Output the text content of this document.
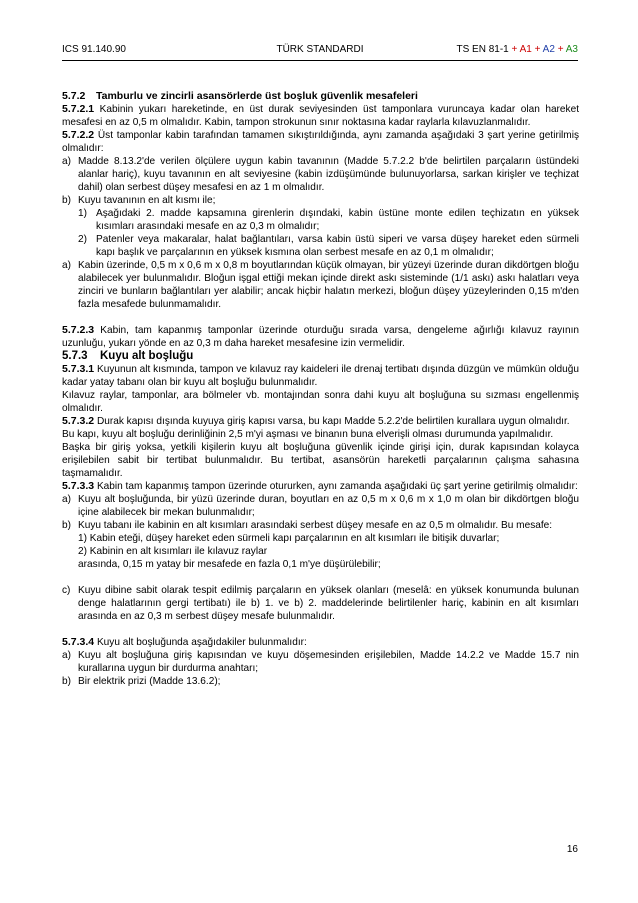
ICS 91.140.90	TÜRK STANDARDI	TS EN 81-1 + A1 + A2 + A3

5.7.2 Tamburlu ve zincirli asansörlerde üst boşluk güvenlik mesafeleri

5.7.2.1 Kabinin yukarı hareketinde, en üst durak seviyesinden üst tamponlara vuruncaya kadar olan hareket mesafesi en az 0,5 m olmalıdır. Kabin, tampon strokunun sınır noktasına kadar raylarla kılavuzlanmalıdır.

5.7.2.2 Üst tamponlar kabin tarafından tamamen sıkıştırıldığında, aynı zamanda aşağıdaki 3 şart yerine getirilmiş olmalıdır:

a) Madde 8.13.2'de verilen ölçülere uygun kabin tavanının (Madde 5.7.2.2 b'de belirtilen parçaların üstündeki alanlar hariç), kuyu tavanının en alt seviyesine (kabin izdüşümünde bulunuyorlarsa, sarkan kirişler ve teçhizat dahil) olan serbest düşey mesafesi en az 1 m olmalıdır.
b) Kuyu tavanının en alt kısmı ile;
1) Aşağıdaki 2. madde kapsamına girenlerin dışındaki, kabin üstüne monte edilen teçhizatın en yüksek kısımları arasındaki mesafe en az 0,3 m olmalıdır;
2) Patenler veya makaralar, halat bağlantıları, varsa kabin üstü siperi ve varsa düşey hareket eden sürmeli kapı başlık ve parçalarının en yüksek kısmına olan serbest mesafe en az 0,1 m olmalıdır;
a) Kabin üzerinde, 0,5 m x 0,6 m x 0,8 m boyutlarından küçük olmayan, bir yüzeyi üzerinde duran dikdörtgen bloğu alabilecek yer bulunmalıdır. Bloğun işgal ettiği mekan içinde direkt askı sisteminde (1/1 askı) askı halatları veya zinciri ve bunların bağlantıları yer alabilir; ancak hiçbir halatın merkezi, bloğun düşey yüzeylerinden 0,15 m'den fazla mesafede bulunmamalıdır.

5.7.2.3 Kabin, tam kapanmış tamponlar üzerinde oturduğu sırada varsa, dengeleme ağırlığı kılavuz rayının uzunluğu, yukarı yönde en az 0,3 m daha hareket mesafesine izin vermelidir.

5.7.3 Kuyu alt boşluğu

5.7.3.1 Kuyunun alt kısmında, tampon ve kılavuz ray kaideleri ile drenaj tertibatı dışında düzgün ve mümkün olduğu kadar yatay tabanı olan bir kuyu alt boşluğu bulunmalıdır.

Kılavuz raylar, tamponlar, ara bölmeler vb. montajından sonra dahi kuyu alt boşluğuna su sızması engellenmiş olmalıdır.

5.7.3.2 Durak kapısı dışında kuyuya giriş kapısı varsa, bu kapı Madde 5.2.2'de belirtilen kurallara uygun olmalıdır.

Bu kapı, kuyu alt boşluğu derinliğinin 2,5 m'yi aşması ve binanın buna elverişli olması durumunda yapılmalıdır.

Başka bir giriş yoksa, yetkili kişilerin kuyu alt boşluğuna güvenlik içinde girişi için, durak kapısından kolayca erişilebilen sabit bir tertibat bulunmalıdır. Bu tertibat, asansörün hareketli parçalarının çalışma sahasına taşmamalıdır.

5.7.3.3 Kabin tam kapanmış tampon üzerinde otururken, aynı zamanda aşağıdaki üç şart yerine getirilmiş olmalıdır:

a) Kuyu alt boşluğunda, bir yüzü üzerinde duran, boyutları en az 0,5 m x 0,6 m x 1,0 m olan bir dikdörtgen bloğu içine alabilecek bir mekan bulunmalıdır;
b) Kuyu tabanı ile kabinin en alt kısımları arasındaki serbest düşey mesafe en az 0,5 m olmalıdır. Bu mesafe:
1) Kabin eteği, düşey hareket eden sürmeli kapı parçalarının en alt kısımları ile bitişik duvarlar;
2) Kabinin en alt kısımları ile kılavuz raylar
arasında, 0,15 m yatay bir mesafede en fazla 0,1 m'ye düşürülebilir;
c) Kuyu dibine sabit olarak tespit edilmiş parçaların en yüksek olanları (meselâ: en yüksek konumunda bulunan denge halatlarının gergi tertibatı) ile b) 1. ve b) 2. maddelerinde belirtilenler hariç, kabinin en alt kısımları arasında en az 0,3 m serbest düşey mesafe bulunmalıdır.

5.7.3.4 Kuyu alt boşluğunda aşağıdakiler bulunmalıdır:

a) Kuyu alt boşluğuna giriş kapısından ve kuyu döşemesinden erişilebilen, Madde 14.2.2 ve Madde 15.7 nin kurallarına uygun bir durdurma anahtarı;
b) Bir elektrik prizi (Madde 13.6.2);
16
